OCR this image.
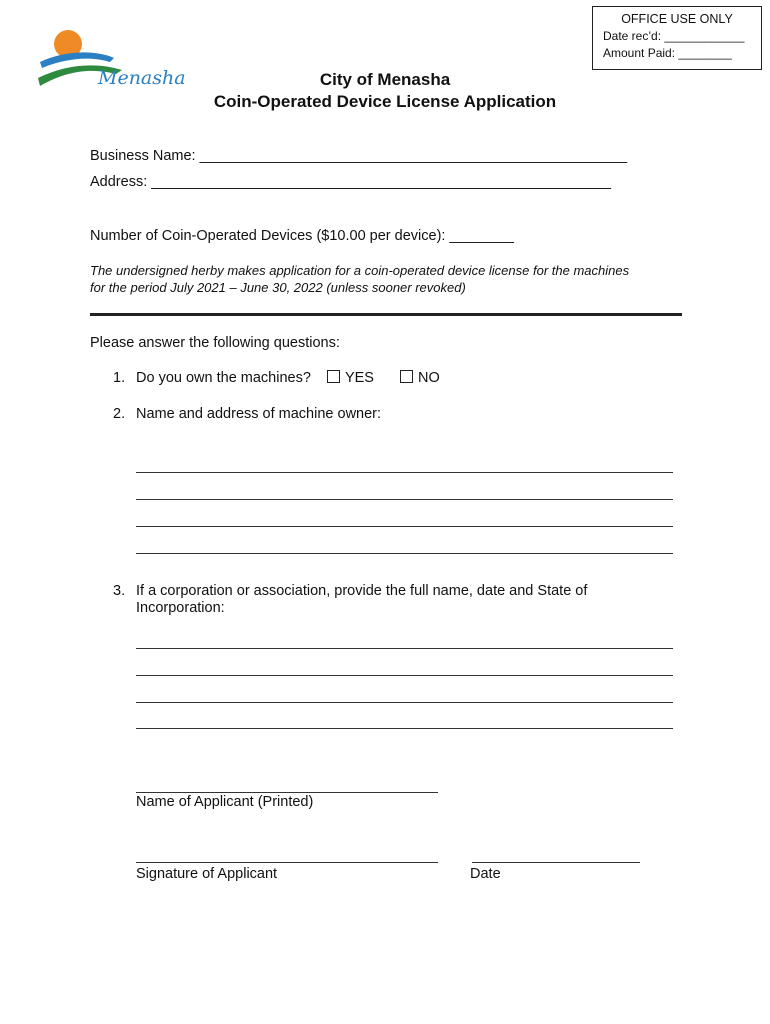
OFFICE USE ONLY
Date rec’d: ____________
Amount Paid: ________
Menasha	City of Menasha
Coin-Operated Device License Application
Business Name: _____________________________________________________
Address: _________________________________________________________
Number of Coin-Operated Devices ($10.00 per device): ________
The undersigned herby makes application for a coin-operated device license for the machines
for the period July 2021 – June 30, 2022 (unless sooner revoked)
Please answer the following questions:
1. Do you own the machines? YES	NO
2. Name and address of machine owner:
3. If a corporation or association, provide the full name, date and State of
Incorporation:
Name of Applicant (Printed)
Signature of Applicant	Date
